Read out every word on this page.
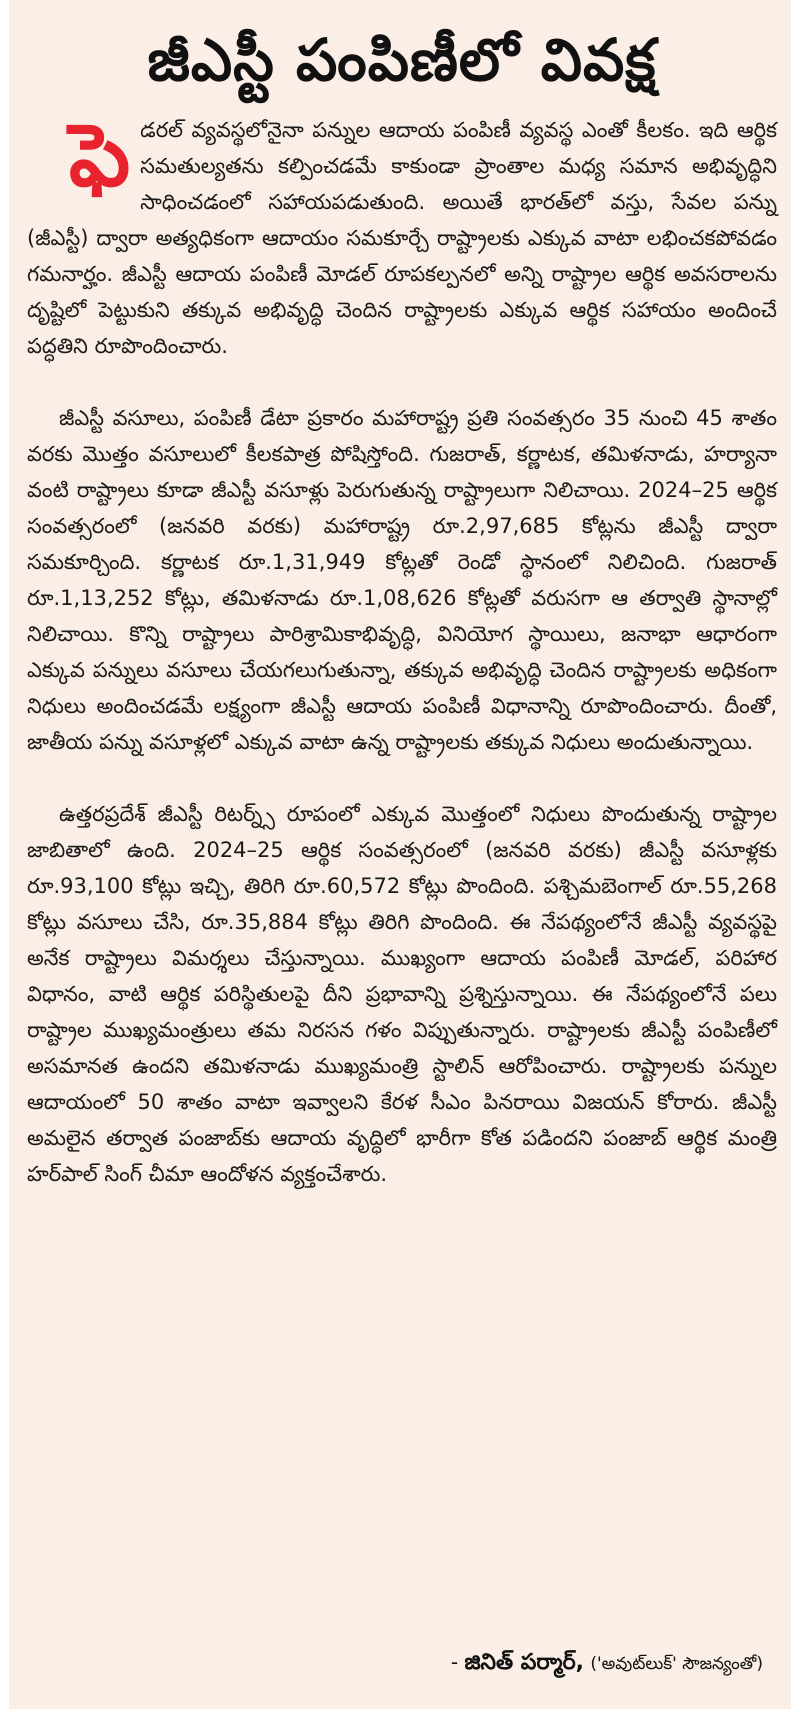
జీఎస్టీ పంపిణీలో వివక్ష

ఫె డరల్ వ్యవస్థలోనైనా పన్నుల ఆదాయ పంపిణీ వ్యవస్థ ఎంతో కీలకం. ఇది ఆర్థిక సమతుల్యతను కల్పించడమే కాకుండా ప్రాంతాల మధ్య సమాన అభివృద్ధిని సాధించడంలో సహాయపడుతుంది. అయితే భారత్‌లో వస్తు, సేవల పన్ను (జీఎస్టీ) ద్వారా అత్యధికంగా ఆదాయం సమకూర్చే రాష్ట్రాలకు ఎక్కువ వాటా లభించకపోవడం గమనార్హం. జీఎస్టీ ఆదాయ పంపిణీ మోడల్ రూపకల్పనలో అన్ని రాష్ట్రాల ఆర్థిక అవసరాలను దృష్టిలో పెట్టుకుని తక్కువ అభివృద్ధి చెందిన రాష్ట్రాలకు ఎక్కువ ఆర్థిక సహాయం అందించే పద్ధతిని రూపొందించారు.

జీఎస్టీ వసూలు, పంపిణీ డేటా ప్రకారం మహారాష్ట్ర ప్రతి సంవత్సరం 35 నుంచి 45 శాతం వరకు మొత్తం వసూలులో కీలకపాత్ర పోషిస్తోంది. గుజరాత్, కర్ణాటక, తమిళనాడు, హర్యానా వంటి రాష్ట్రాలు కూడా జీఎస్టీ వసూళ్లు పెరుగుతున్న రాష్ట్రాలుగా నిలిచాయి. 2024–25 ఆర్థిక సంవత్సరంలో (జనవరి వరకు) మహారాష్ట్ర రూ.2,97,685 కోట్లను జీఎస్టీ ద్వారా సమకూర్చింది. కర్ణాటక రూ.1,31,949 కోట్లతో రెండో స్థానంలో నిలిచింది. గుజరాత్ రూ.1,13,252 కోట్లు, తమిళనాడు రూ.1,08,626 కోట్లతో వరుసగా ఆ తర్వాతి స్థానాల్లో నిలిచాయి. కొన్ని రాష్ట్రాలు పారిశ్రామికాభివృద్ధి, వినియోగ స్థాయిలు, జనాభా ఆధారంగా ఎక్కువ పన్నులు వసూలు చేయగలుగుతున్నా, తక్కువ అభివృద్ధి చెందిన రాష్ట్రాలకు అధికంగా నిధులు అందించడమే లక్ష్యంగా జీఎస్టీ ఆదాయ పంపిణీ విధానాన్ని రూపొందించారు. దీంతో, జాతీయ పన్ను వసూళ్లలో ఎక్కువ వాటా ఉన్న రాష్ట్రాలకు తక్కువ నిధులు అందుతున్నాయి.

ఉత్తరప్రదేశ్ జీఎస్టీ రిటర్న్స్ రూపంలో ఎక్కువ మొత్తంలో నిధులు పొందుతున్న రాష్ట్రాల జాబితాలో ఉంది. 2024–25 ఆర్థిక సంవత్సరంలో (జనవరి వరకు) జీఎస్టీ వసూళ్లకు రూ.93,100 కోట్లు ఇచ్చి, తిరిగి రూ.60,572 కోట్లు పొందింది. పశ్చిమబెంగాల్ రూ.55,268 కోట్లు వసూలు చేసి, రూ.35,884 కోట్లు తిరిగి పొందింది. ఈ నేపథ్యంలోనే జీఎస్టీ వ్యవస్థపై అనేక రాష్ట్రాలు విమర్శలు చేస్తున్నాయి. ముఖ్యంగా ఆదాయ పంపిణీ మోడల్, పరిహార విధానం, వాటి ఆర్థిక పరిస్థితులపై దీని ప్రభావాన్ని ప్రశ్నిస్తున్నాయి. ఈ నేపథ్యంలోనే పలు రాష్ట్రాల ముఖ్యమంత్రులు తమ నిరసన గళం విప్పుతున్నారు. రాష్ట్రాలకు జీఎస్టీ పంపిణీలో అసమానత ఉందని తమిళనాడు ముఖ్యమంత్రి స్టాలిన్ ఆరోపించారు. రాష్ట్రాలకు పన్నుల ఆదాయంలో 50 శాతం వాటా ఇవ్వాలని కేరళ సీఎం పినరాయి విజయన్ కోరారు. జీఎస్టీ అమలైన తర్వాత పంజాబ్‌కు ఆదాయ వృద్ధిలో భారీగా కోత పడిందని పంజాబ్ ఆర్థిక మంత్రి హర్‌పాల్ సింగ్ చీమా ఆందోళన వ్యక్తంచేశారు.

- జినిత్ పర్మార్, ('అవుట్‌లుక్' సౌజన్యంతో)
